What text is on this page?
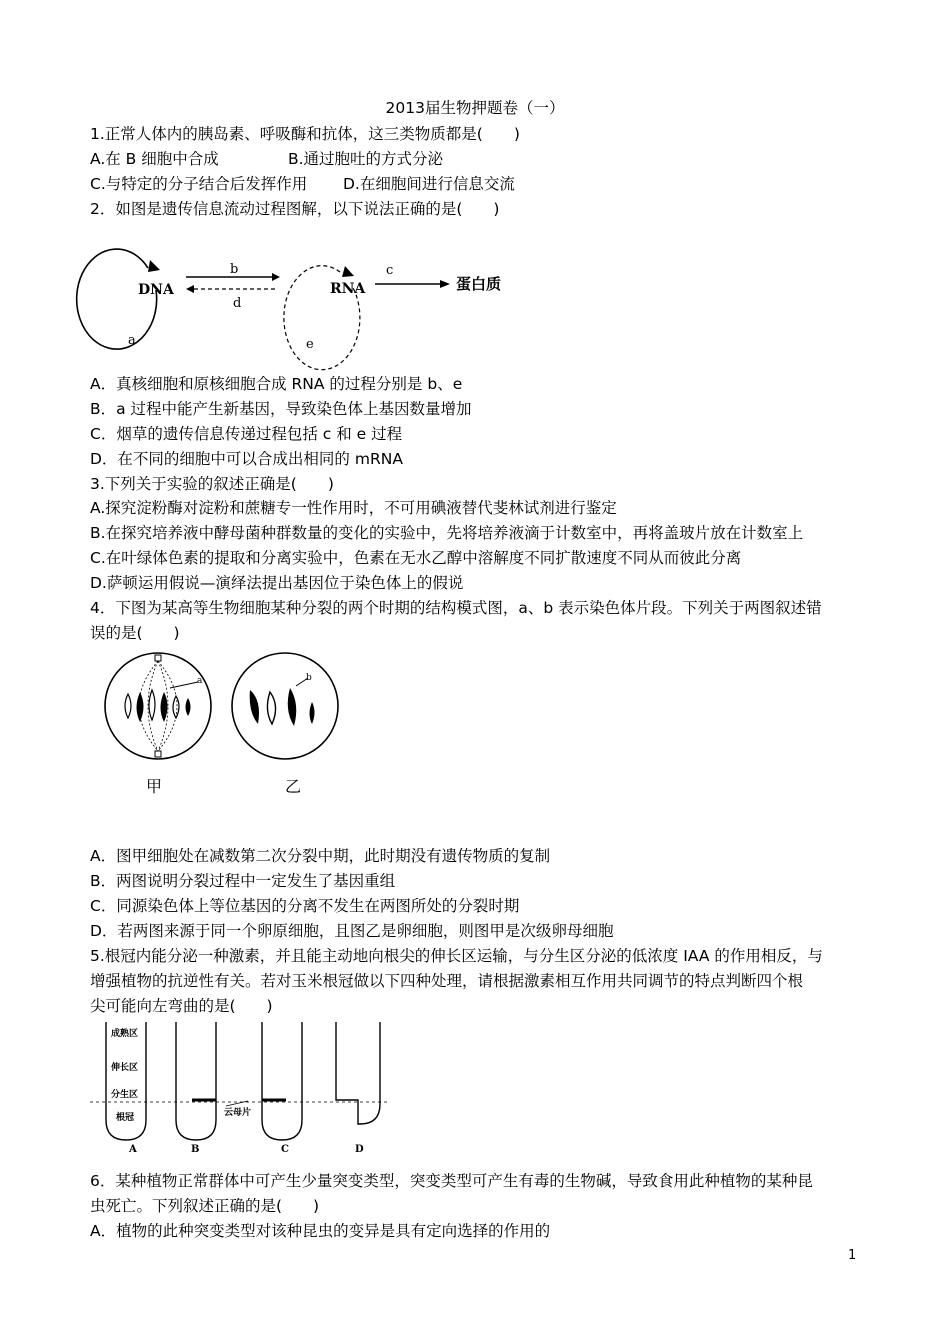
2013届生物押题卷（一）
1.正常人体内的胰岛素、呼吸酶和抗体，这三类物质都是(　　)
A.在 B 细胞中合成	B.通过胞吐的方式分泌
C.与特定的分子结合后发挥作用 D.在细胞间进行信息交流
2．如图是遗传信息流动过程图解，以下说法正确的是(　　)
DNA
a
b
d
RNA
e
c
蛋白质
A．真核细胞和原核细胞合成 RNA 的过程分别是 b、e
B．a 过程中能产生新基因，导致染色体上基因数量增加
C．烟草的遗传信息传递过程包括 c 和 e 过程
D．在不同的细胞中可以合成出相同的 mRNA
3.下列关于实验的叙述正确是(　　)
A.探究淀粉酶对淀粉和蔗糖专一性作用时，不可用碘液替代斐林试剂进行鉴定
B.在探究培养液中酵母菌种群数量的变化的实验中，先将培养液滴于计数室中，再将盖玻片放在计数室上
C.在叶绿体色素的提取和分离实验中，色素在无水乙醇中溶解度不同扩散速度不同从而彼此分离
D.萨顿运用假说—演绎法提出基因位于染色体上的假说
4．下图为某高等生物细胞某种分裂的两个时期的结构模式图，a、b 表示染色体片段。下列关于两图叙述错
误的是(　　)
a
甲
b
乙
A．图甲细胞处在减数第二次分裂中期，此时期没有遗传物质的复制
B．两图说明分裂过程中一定发生了基因重组
C．同源染色体上等位基因的分离不发生在两图所处的分裂时期
D．若两图来源于同一个卵原细胞，且图乙是卵细胞，则图甲是次级卵母细胞
5.根冠内能分泌一种激素，并且能主动地向根尖的伸长区运输，与分生区分泌的低浓度 IAA 的作用相反，与
增强植物的抗逆性有关。若对玉米根冠做以下四种处理，请根据激素相互作用共同调节的特点判断四个根
尖可能向左弯曲的是(　　)
成熟区
伸长区
分生区
根冠
A	B
云母片
C	D
6．某种植物正常群体中可产生少量突变类型，突变类型可产生有毒的生物碱，导致食用此种植物的某种昆
虫死亡。下列叙述正确的是(　　)
A．植物的此种突变类型对该种昆虫的变异是具有定向选择的作用的
1
